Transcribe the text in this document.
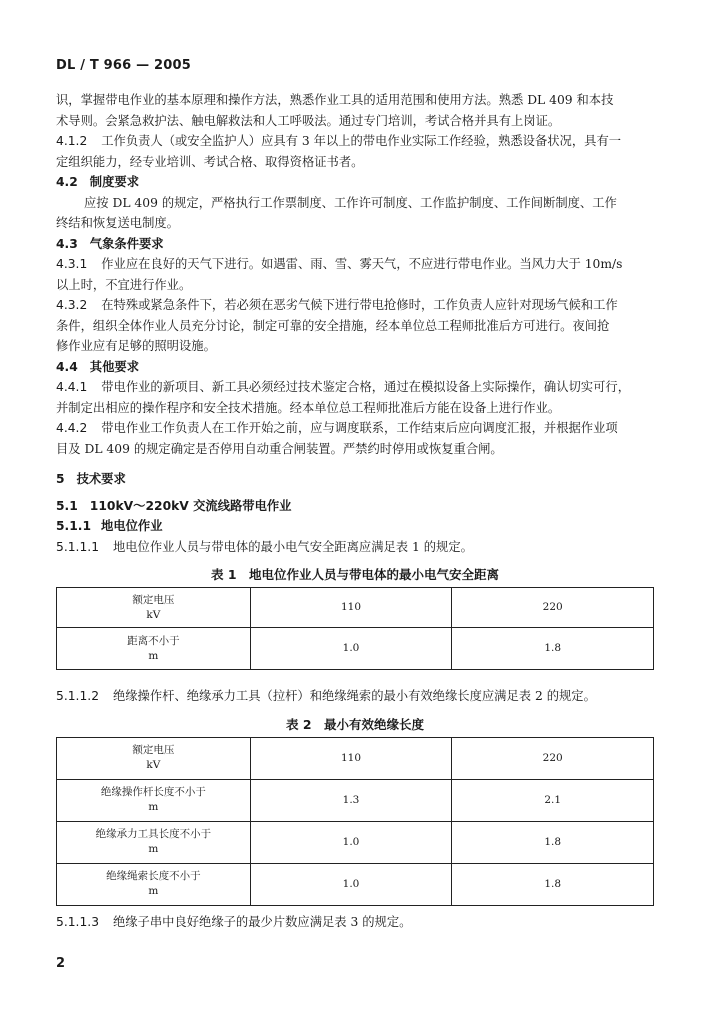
DL / T 966 — 2005
识，掌握带电作业的基本原理和操作方法，熟悉作业工具的适用范围和使用方法。熟悉 DL 409 和本技
术导则。会紧急救护法、触电解救法和人工呼吸法。通过专门培训，考试合格并具有上岗证。
4.1.2 工作负责人（或安全监护人）应具有 3 年以上的带电作业实际工作经验，熟悉设备状况，具有一
定组织能力，经专业培训、考试合格、取得资格证书者。
4.2 制度要求
应按 DL 409 的规定，严格执行工作票制度、工作许可制度、工作监护制度、工作间断制度、工作
终结和恢复送电制度。
4.3 气象条件要求
4.3.1 作业应在良好的天气下进行。如遇雷、雨、雪、雾天气，不应进行带电作业。当风力大于 10m/s
以上时，不宜进行作业。
4.3.2 在特殊或紧急条件下，若必须在恶劣气候下进行带电抢修时，工作负责人应针对现场气候和工作
条件，组织全体作业人员充分讨论，制定可靠的安全措施，经本单位总工程师批准后方可进行。夜间抢
修作业应有足够的照明设施。
4.4 其他要求
4.4.1 带电作业的新项目、新工具必须经过技术鉴定合格，通过在模拟设备上实际操作，确认切实可行，
并制定出相应的操作程序和安全技术措施。经本单位总工程师批准后方能在设备上进行作业。
4.4.2 带电作业工作负责人在工作开始之前，应与调度联系，工作结束后应向调度汇报，并根据作业项
目及 DL 409 的规定确定是否停用自动重合闸装置。严禁约时停用或恢复重合闸。
5 技术要求
5.1 110kV～220kV 交流线路带电作业
5.1.1 地电位作业
5.1.1.1 地电位作业人员与带电体的最小电气安全距离应满足表 1 的规定。
表 1　地电位作业人员与带电体的最小电气安全距离
额定电压
kV	110	220
距离不小于
m	1.0	1.8
5.1.1.2 绝缘操作杆、绝缘承力工具（拉杆）和绝缘绳索的最小有效绝缘长度应满足表 2 的规定。
表 2　最小有效绝缘长度
额定电压
kV	110	220
绝缘操作杆长度不小于
m	1.3	2.1
绝缘承力工具长度不小于
m	1.0	1.8
绝缘绳索长度不小于
m	1.0	1.8
5.1.1.3 绝缘子串中良好绝缘子的最少片数应满足表 3 的规定。
2
